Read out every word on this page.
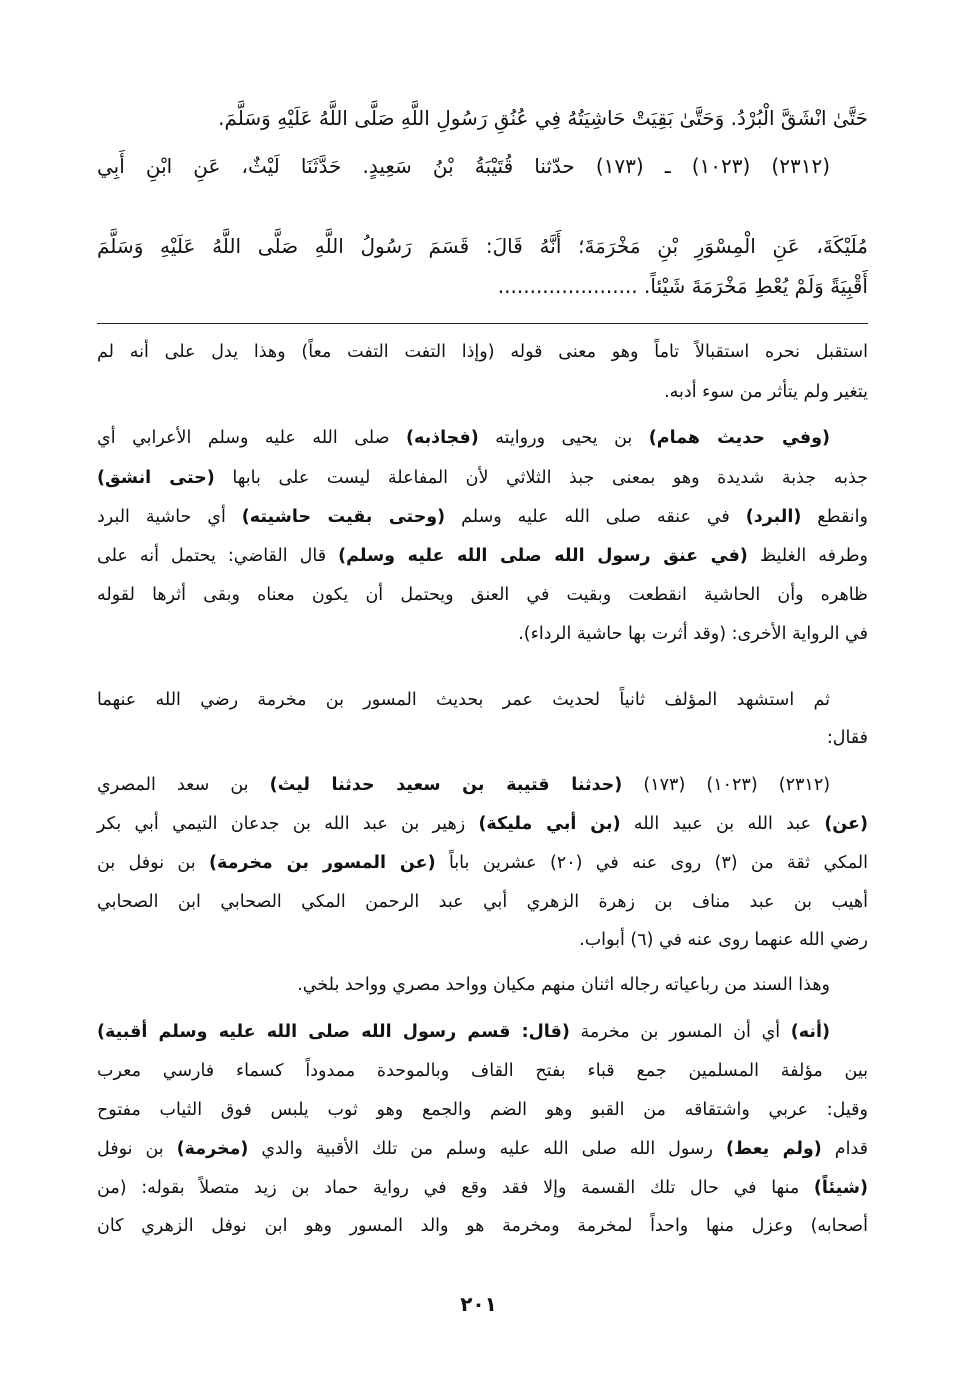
حَتَّىٰ انْشَقَّ الْبُرْدُ. وَحَتَّىٰ بَقِيَتْ حَاشِيَتُهُ فِي عُنُقِ رَسُولِ اللَّهِ صَلَّى اللَّهُ عَلَيْهِ وَسَلَّمَ.
(٢٣١٢) (١٠٢٣) ـ (١٧٣) حدّثنا قُتَيْبَةُ بْنُ سَعِيدٍ. حَدَّثَنَا لَيْثٌ، عَنِ ابْنِ أَبِي
مُلَيْكَةَ، عَنِ الْمِسْوَرِ بْنِ مَخْرَمَةَ؛ أَنَّهُ قَالَ: قَسَمَ رَسُولُ اللَّهِ صَلَّى اللَّهُ عَلَيْهِ وَسَلَّمَ
أَقْبِيَةً وَلَمْ يُعْطِ مَخْرَمَةَ شَيْئاً. ......................
استقبل نحره استقبالاً تاماً وهو معنى قوله (وإذا التفت التفت معاً) وهذا يدل على أنه لم
يتغير ولم يتأثر من سوء أدبه.
(وفي حديث همام) بن يحيى وروايته (فجاذبه) صلى الله عليه وسلم الأعرابي أي
جذبه جذبة شديدة وهو بمعنى جبذ الثلاثي لأن المفاعلة ليست على بابها (حتى انشق)
وانقطع (البرد) في عنقه صلى الله عليه وسلم (وحتى بقيت حاشيته) أي حاشية البرد
وطرفه الغليظ (في عنق رسول الله صلى الله عليه وسلم) قال القاضي: يحتمل أنه على
ظاهره وأن الحاشية انقطعت وبقيت في العنق ويحتمل أن يكون معناه وبقى أثرها لقوله
في الرواية الأخرى: (وقد أثرت بها حاشية الرداء).
ثم استشهد المؤلف ثانياً لحديث عمر بحديث المسور بن مخرمة رضي الله عنهما
فقال:
(٢٣١٢) (١٠٢٣) (١٧٣) (حدثنا قتيبة بن سعيد حدثنا ليث) بن سعد المصري
(عن) عبد الله بن عبيد الله (بن أبي مليكة) زهير بن عبد الله بن جدعان التيمي أبي بكر
المكي ثقة من (٣) روى عنه في (٢٠) عشرين باباً (عن المسور بن مخرمة) بن نوفل بن
أهيب بن عبد مناف بن زهرة الزهري أبي عبد الرحمن المكي الصحابي ابن الصحابي
رضي الله عنهما روى عنه في (٦) أبواب.
وهذا السند من رباعياته رجاله اثنان منهم مكيان وواحد مصري وواحد بلخي.
(أنه) أي أن المسور بن مخرمة (قال: قسم رسول الله صلى الله عليه وسلم أقبية)
بين مؤلفة المسلمين جمع قباء بفتح القاف وبالموحدة ممدوداً كسماء فارسي معرب
وقيل: عربي واشتقاقه من القبو وهو الضم والجمع وهو ثوب يلبس فوق الثياب مفتوح
قدام (ولم يعط) رسول الله صلى الله عليه وسلم من تلك الأقبية والدي (مخرمة) بن نوفل
(شيئاً) منها في حال تلك القسمة وإلا فقد وقع في رواية حماد بن زيد متصلاً بقوله: (من
أصحابه) وعزل منها واحداً لمخرمة ومخرمة هو والد المسور وهو ابن نوفل الزهري كان
٢٠١
